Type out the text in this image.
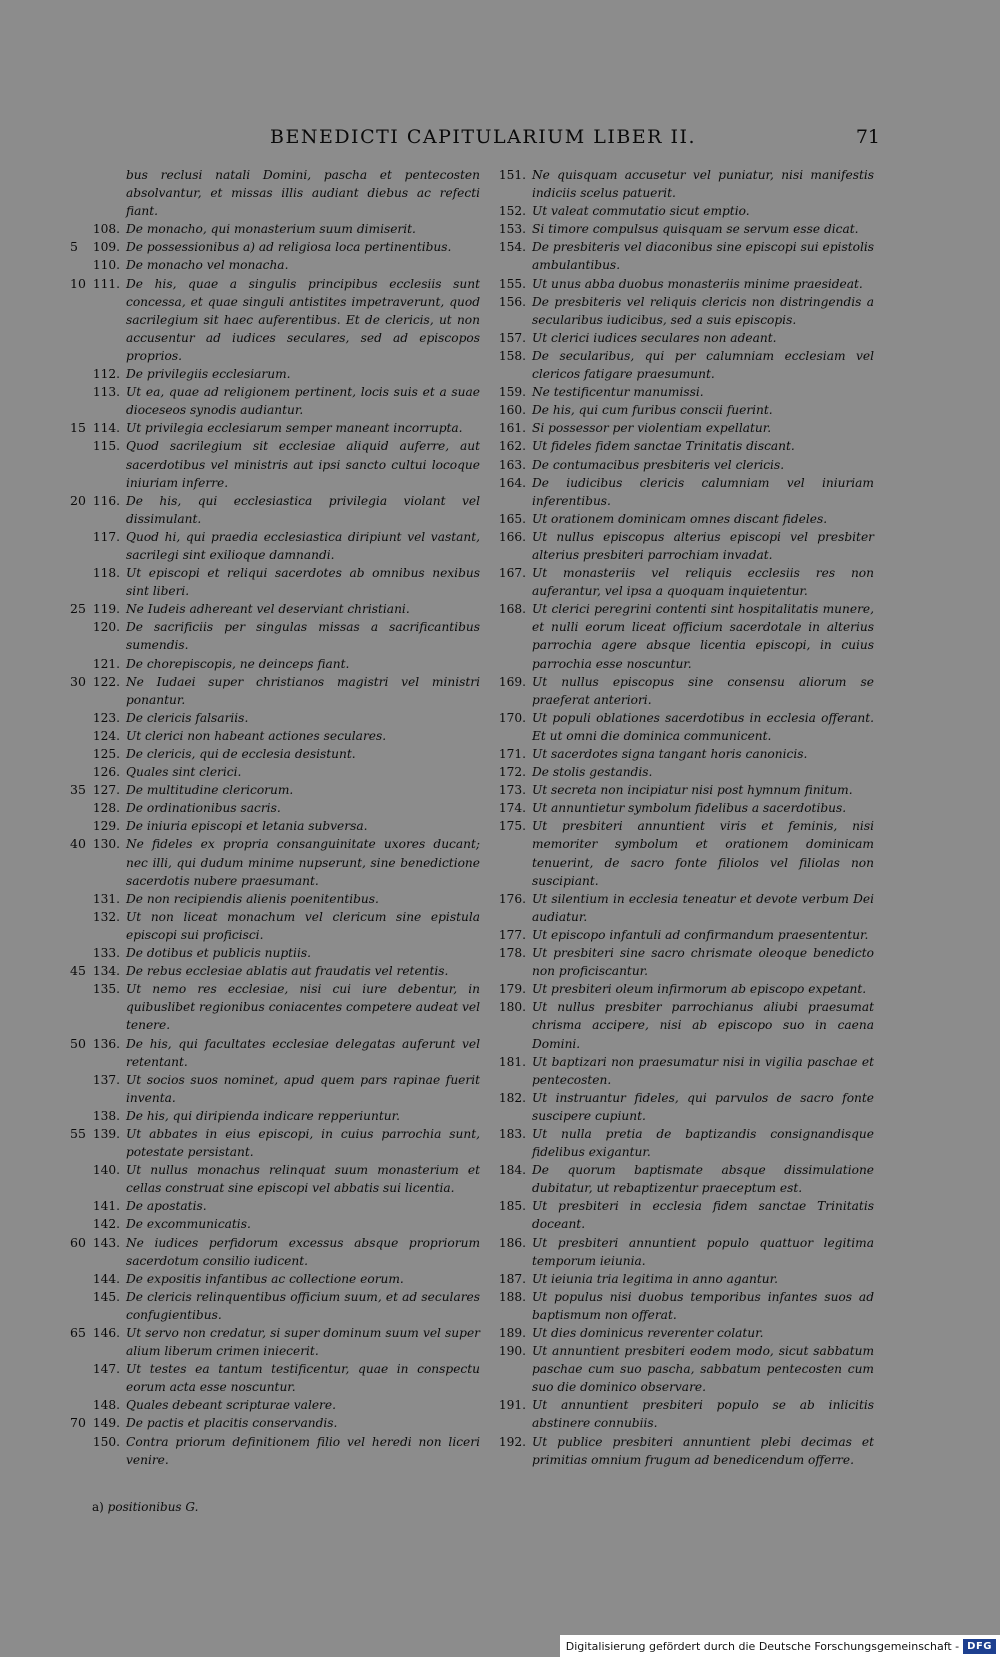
BENEDICTI CAPITULARIUM LIBER II.	71
bus reclusi natali Domini, pascha et pentecosten absolvantur, et missas illis audiant diebus ac refecti fiant.
108. De monacho, qui monasterium suum dimiserit.
5	109. De possessionibus a) ad religiosa loca pertinentibus.
110. De monacho vel monacha.
10 111. De his, quae a singulis principibus ecclesiis sunt concessa, et quae singuli antistites impetraverunt, quod sacrilegium sit haec auferentibus. Et de clericis, ut non accusentur ad iudices seculares, sed ad episcopos proprios.
112. De privilegiis ecclesiarum.
113. Ut ea, quae ad religionem pertinent, locis suis et a suae dioceseos synodis audiantur.
15 114. Ut privilegia ecclesiarum semper maneant incorrupta.
115. Quod sacrilegium sit ecclesiae aliquid auferre, aut sacerdotibus vel ministris aut ipsi sancto cultui locoque iniuriam inferre.
20 116. De his, qui ecclesiastica privilegia violant vel dissimulant.
117. Quod hi, qui praedia ecclesiastica diripiunt vel vastant, sacrilegi sint exilioque damnandi.
118. Ut episcopi et reliqui sacerdotes ab omnibus nexibus sint liberi.
25 119. Ne Iudeis adhereant vel deserviant christiani.
120. De sacrificiis per singulas missas a sacrificantibus sumendis.
121. De chorepiscopis, ne deinceps fiant.
30 122. Ne Iudaei super christianos magistri vel ministri ponantur.
123. De clericis falsariis.
124. Ut clerici non habeant actiones seculares.
125. De clericis, qui de ecclesia desistunt.
126. Quales sint clerici.
35 127. De multitudine clericorum.
128. De ordinationibus sacris.
129. De iniuria episcopi et letania subversa.
40 130. Ne fideles ex propria consanguinitate uxores ducant; nec illi, qui dudum minime nupserunt, sine benedictione sacerdotis nubere praesumant.
131. De non recipiendis alienis poenitentibus.
132. Ut non liceat monachum vel clericum sine epistula episcopi sui proficisci.
133. De dotibus et publicis nuptiis.
45 134. De rebus ecclesiae ablatis aut fraudatis vel retentis.
135. Ut nemo res ecclesiae, nisi cui iure debentur, in quibuslibet regionibus coniacentes competere audeat vel tenere.
50 136. De his, qui facultates ecclesiae delegatas auferunt vel retentant.
137. Ut socios suos nominet, apud quem pars rapinae fuerit inventa.
138. De his, qui diripienda indicare repperiuntur.
55 139. Ut abbates in eius episcopi, in cuius parrochia sunt, potestate persistant.
140. Ut nullus monachus relinquat suum monasterium et cellas construat sine episcopi vel abbatis sui licentia.
141. De apostatis.
142. De excommunicatis.
60 143. Ne iudices perfidorum excessus absque propriorum sacerdotum consilio iudicent.
144. De expositis infantibus ac collectione eorum.
145. De clericis relinquentibus officium suum, et ad seculares confugientibus.
65 146. Ut servo non credatur, si super dominum suum vel super alium liberum crimen iniecerit.
147. Ut testes ea tantum testificentur, quae in conspectu eorum acta esse noscuntur.
148. Quales debeant scripturae valere.
70 149. De pactis et placitis conservandis.
150. Contra priorum definitionem filio vel heredi non liceri venire.
151. Ne quisquam accusetur vel puniatur, nisi manifestis indiciis scelus patuerit.
152. Ut valeat commutatio sicut emptio.
153. Si timore compulsus quisquam se servum esse dicat.
154. De presbiteris vel diaconibus sine episcopi sui epistolis ambulantibus.
155. Ut unus abba duobus monasteriis minime praesideat.
156. De presbiteris vel reliquis clericis non distringendis a secularibus iudicibus, sed a suis episcopis.
157. Ut clerici iudices seculares non adeant.
158. De secularibus, qui per calumniam ecclesiam vel clericos fatigare praesumunt.
159. Ne testificentur manumissi.
160. De his, qui cum furibus conscii fuerint.
161. Si possessor per violentiam expellatur.
162. Ut fideles fidem sanctae Trinitatis discant.
163. De contumacibus presbiteris vel clericis.
164. De iudicibus clericis calumniam vel iniuriam inferentibus.
165. Ut orationem dominicam omnes discant fideles.
166. Ut nullus episcopus alterius episcopi vel presbiter alterius presbiteri parrochiam invadat.
167. Ut monasteriis vel reliquis ecclesiis res non auferantur, vel ipsa a quoquam inquietentur.
168. Ut clerici peregrini contenti sint hospitalitatis munere, et nulli eorum liceat officium sacerdotale in alterius parrochia agere absque licentia episcopi, in cuius parrochia esse noscuntur.
169. Ut nullus episcopus sine consensu aliorum se praeferat anteriori.
170. Ut populi oblationes sacerdotibus in ecclesia offerant. Et ut omni die dominica communicent.
171. Ut sacerdotes signa tangant horis canonicis.
172. De stolis gestandis.
173. Ut secreta non incipiatur nisi post hymnum finitum.
174. Ut annuntietur symbolum fidelibus a sacerdotibus.
175. Ut presbiteri annuntient viris et feminis, nisi memoriter symbolum et orationem dominicam tenuerint, de sacro fonte filiolos vel filiolas non suscipiant.
176. Ut silentium in ecclesia teneatur et devote verbum Dei audiatur.
177. Ut episcopo infantuli ad confirmandum praesententur.
178. Ut presbiteri sine sacro chrismate oleoque benedicto non proficiscantur.
179. Ut presbiteri oleum infirmorum ab episcopo expetant.
180. Ut nullus presbiter parrochianus aliubi praesumat chrisma accipere, nisi ab episcopo suo in caena Domini.
181. Ut baptizari non praesumatur nisi in vigilia paschae et pentecosten.
182. Ut instruantur fideles, qui parvulos de sacro fonte suscipere cupiunt.
183. Ut nulla pretia de baptizandis consignandisque fidelibus exigantur.
184. De quorum baptismate absque dissimulatione dubitatur, ut rebaptizentur praeceptum est.
185. Ut presbiteri in ecclesia fidem sanctae Trinitatis doceant.
186. Ut presbiteri annuntient populo quattuor legitima temporum ieiunia.
187. Ut ieiunia tria legitima in anno agantur.
188. Ut populus nisi duobus temporibus infantes suos ad baptismum non offerat.
189. Ut dies dominicus reverenter colatur.
190. Ut annuntient presbiteri eodem modo, sicut sabbatum paschae cum suo pascha, sabbatum pentecosten cum suo die dominico observare.
191. Ut annuntient presbiteri populo se ab inlicitis abstinere connubiis.
192. Ut publice presbiteri annuntient plebi decimas et primitias omnium frugum ad benedicendum offerre.
a) positionibus G.
Digitalisierung gefördert durch die Deutsche Forschungsgemeinschaft - DFG
